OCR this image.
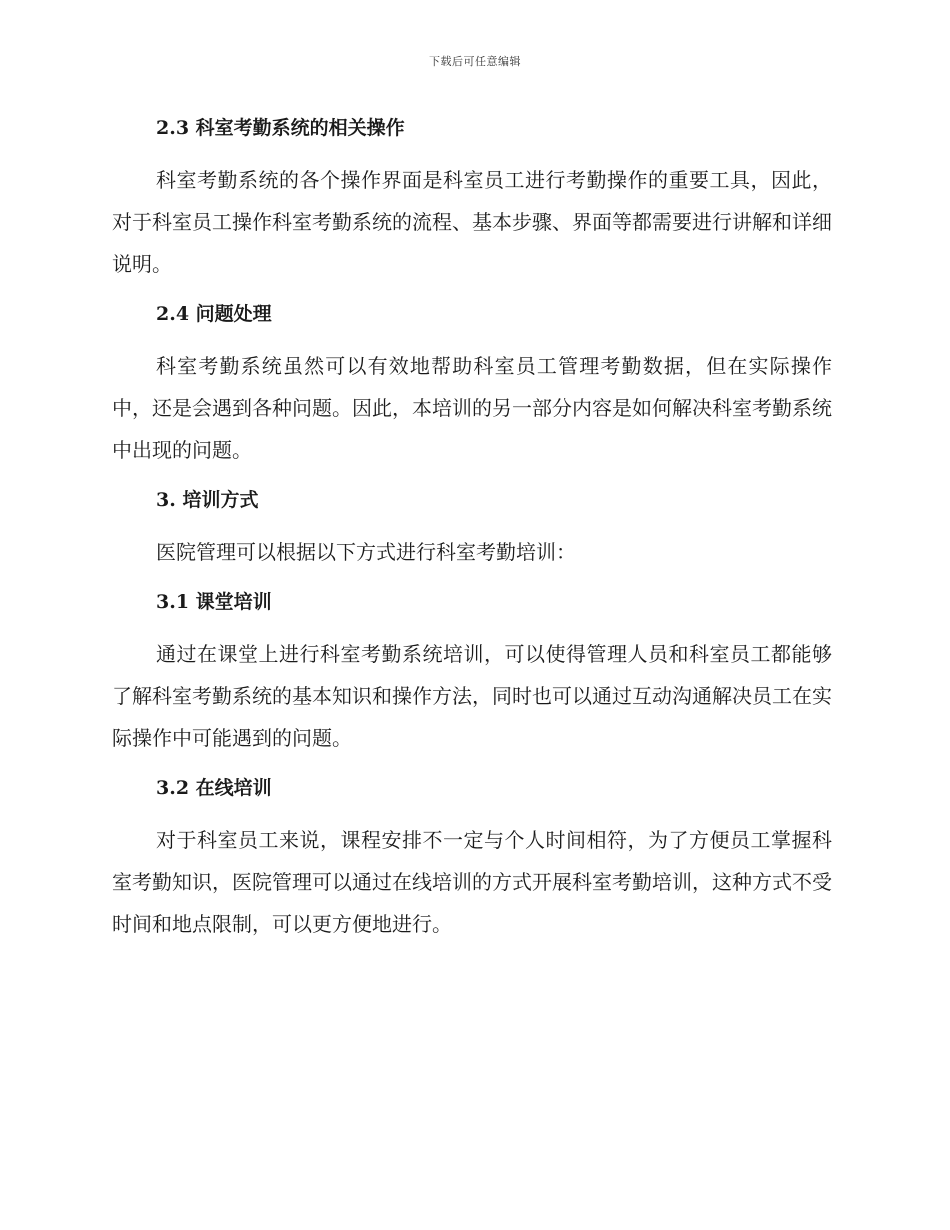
下载后可任意编辑
2.3 科室考勤系统的相关操作

科室考勤系统的各个操作界面是科室员工进行考勤操作的重要工具，因此，对于科室员工操作科室考勤系统的流程、基本步骤、界面等都需要进行讲解和详细说明。

2.4 问题处理

科室考勤系统虽然可以有效地帮助科室员工管理考勤数据，但在实际操作中，还是会遇到各种问题。因此，本培训的另一部分内容是如何解决科室考勤系统中出现的问题。

3. 培训方式

医院管理可以根据以下方式进行科室考勤培训：

3.1 课堂培训

通过在课堂上进行科室考勤系统培训，可以使得管理人员和科室员工都能够了解科室考勤系统的基本知识和操作方法，同时也可以通过互动沟通解决员工在实际操作中可能遇到的问题。

3.2 在线培训

对于科室员工来说，课程安排不一定与个人时间相符，为了方便员工掌握科室考勤知识，医院管理可以通过在线培训的方式开展科室考勤培训，这种方式不受时间和地点限制，可以更方便地进行。
